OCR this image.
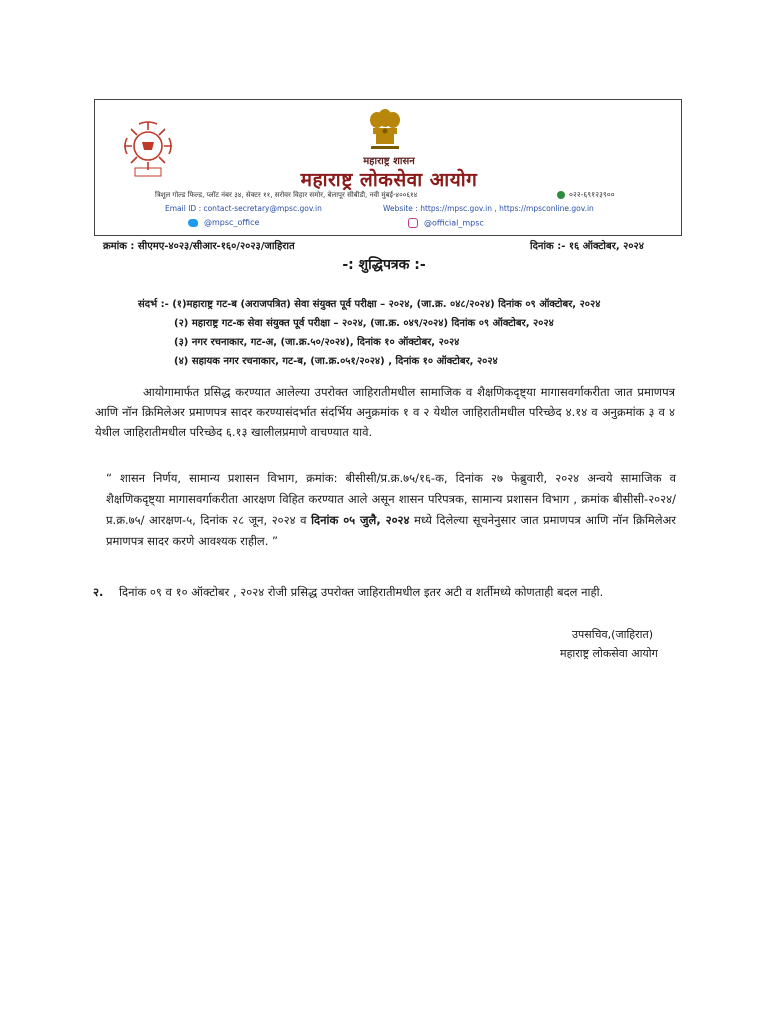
महाराष्ट्र शासन
महाराष्ट्र लोकसेवा आयोग
त्रिशूल गोल्ड फिल्ड, प्लॉट नंबर ३४, सेक्टर ११, सरोवर विहार समोर, बेलापूर सीबीडी, नवी मुंबई-४००६१४	०२२-६९१२३९००
Email ID : contact-secretary@mpsc.gov.in	Website : https://mpsc.gov.in , https://mpsconline.gov.in
@mpsc_office	@official_mpsc
क्रमांक : सीएमए-४०२३/सीआर-१६०/२०२३/जाहिरात	दिनांक :- १६ ऑक्टोबर, २०२४
-: शुद्धिपत्रक :-
संदर्भ :- (१)महाराष्ट्र गट-ब (अराजपत्रित) सेवा संयुक्त पूर्व परीक्षा – २०२४, (जा.क्र. ०४८/२०२४) दिनांक ०९ ऑक्टोबर, २०२४
(२) महाराष्ट्र गट-क सेवा संयुक्त पूर्व परीक्षा – २०२४, (जा.क्र. ०४९/२०२४) दिनांक ०९ ऑक्टोबर, २०२४
(३) नगर रचनाकार, गट-अ, (जा.क्र.५०/२०२४), दिनांक १० ऑक्टोबर, २०२४
(४) सहायक नगर रचनाकार, गट-ब, (जा.क्र.०५१/२०२४) , दिनांक १० ऑक्टोबर, २०२४
आयोगामार्फत प्रसिद्ध करण्यात आलेल्या उपरोक्त जाहिरातीमधील सामाजिक व शैक्षणिकदृष्ट्या मागासवर्गाकरीता जात प्रमाणपत्र आणि नॉन क्रिमिलेअर प्रमाणपत्र सादर करण्यासंदर्भात संदर्भिय अनुक्रमांक १ व २ येथील जाहिरातीमधील परिच्छेद ४.१४ व अनुक्रमांक ३ व ४ येथील जाहिरातीमधील परिच्छेद ६.१३ खालीलप्रमाणे वाचण्यात यावे.
“ शासन निर्णय, सामान्य प्रशासन विभाग, क्रमांक: बीसीसी/प्र.क्र.७५/१६-क, दिनांक २७ फेब्रुवारी, २०२४ अन्वये सामाजिक व शैक्षणिकदृष्ट्या मागासवर्गाकरीता आरक्षण विहित करण्यात आले असून शासन परिपत्रक, सामान्य प्रशासन विभाग , क्रमांक बीसीसी-२०२४/प्र.क्र.७५/ आरक्षण-५, दिनांक २८ जून, २०२४ व दिनांक ०५ जुलै, २०२४ मध्ये दिलेल्या सूचनेनुसार जात प्रमाणपत्र आणि नॉन क्रिमिलेअर प्रमाणपत्र सादर करणे आवश्यक राहील. ”
२. दिनांक ०९ व १० ऑक्टोबर , २०२४ रोजी प्रसिद्ध उपरोक्त जाहिरातीमधील इतर अटी व शर्तीमध्ये कोणताही बदल नाही.
उपसचिव,(जाहिरात)
महाराष्ट्र लोकसेवा आयोग
